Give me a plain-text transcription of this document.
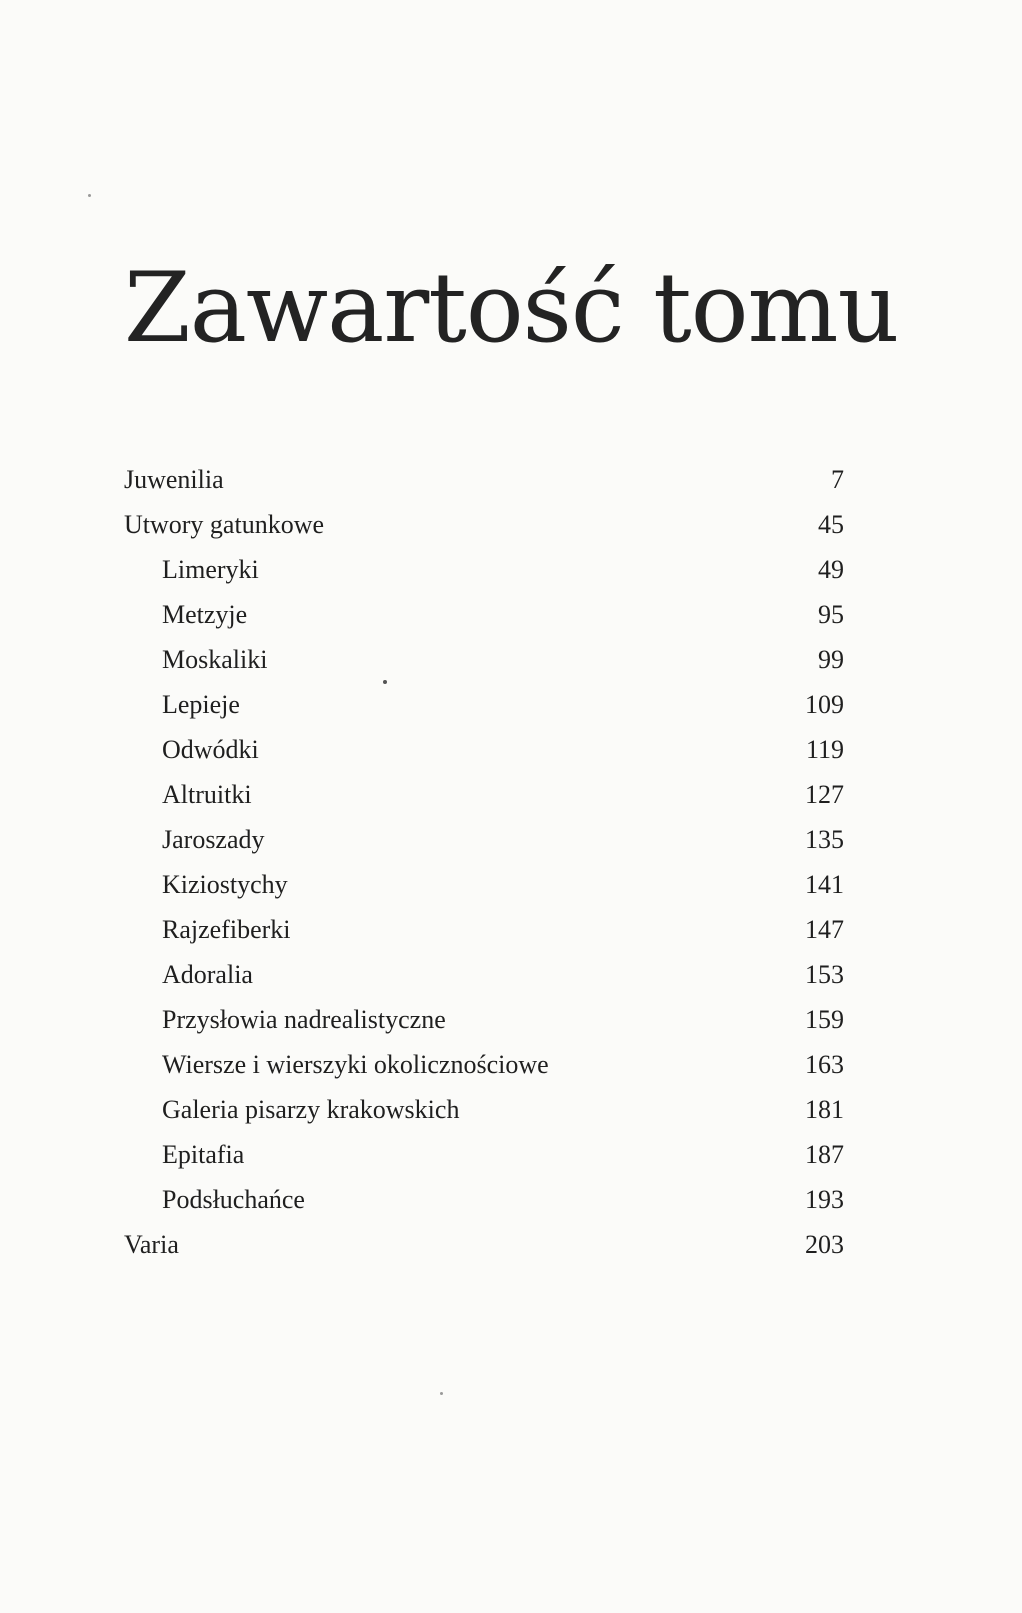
Zawartość tomu
Juwenilia	7
Utwory gatunkowe	45
Limeryki	49
Metzyje	95
Moskaliki	99
Lepieje	109
Odwódki	119
Altruitki	127
Jaroszady	135
Kiziostychy	141
Rajzefiberki	147
Adoralia	153
Przysłowia nadrealistyczne	159
Wiersze i wierszyki okolicznościowe	163
Galeria pisarzy krakowskich	181
Epitafia	187
Podsłuchańce	193
Varia	203
